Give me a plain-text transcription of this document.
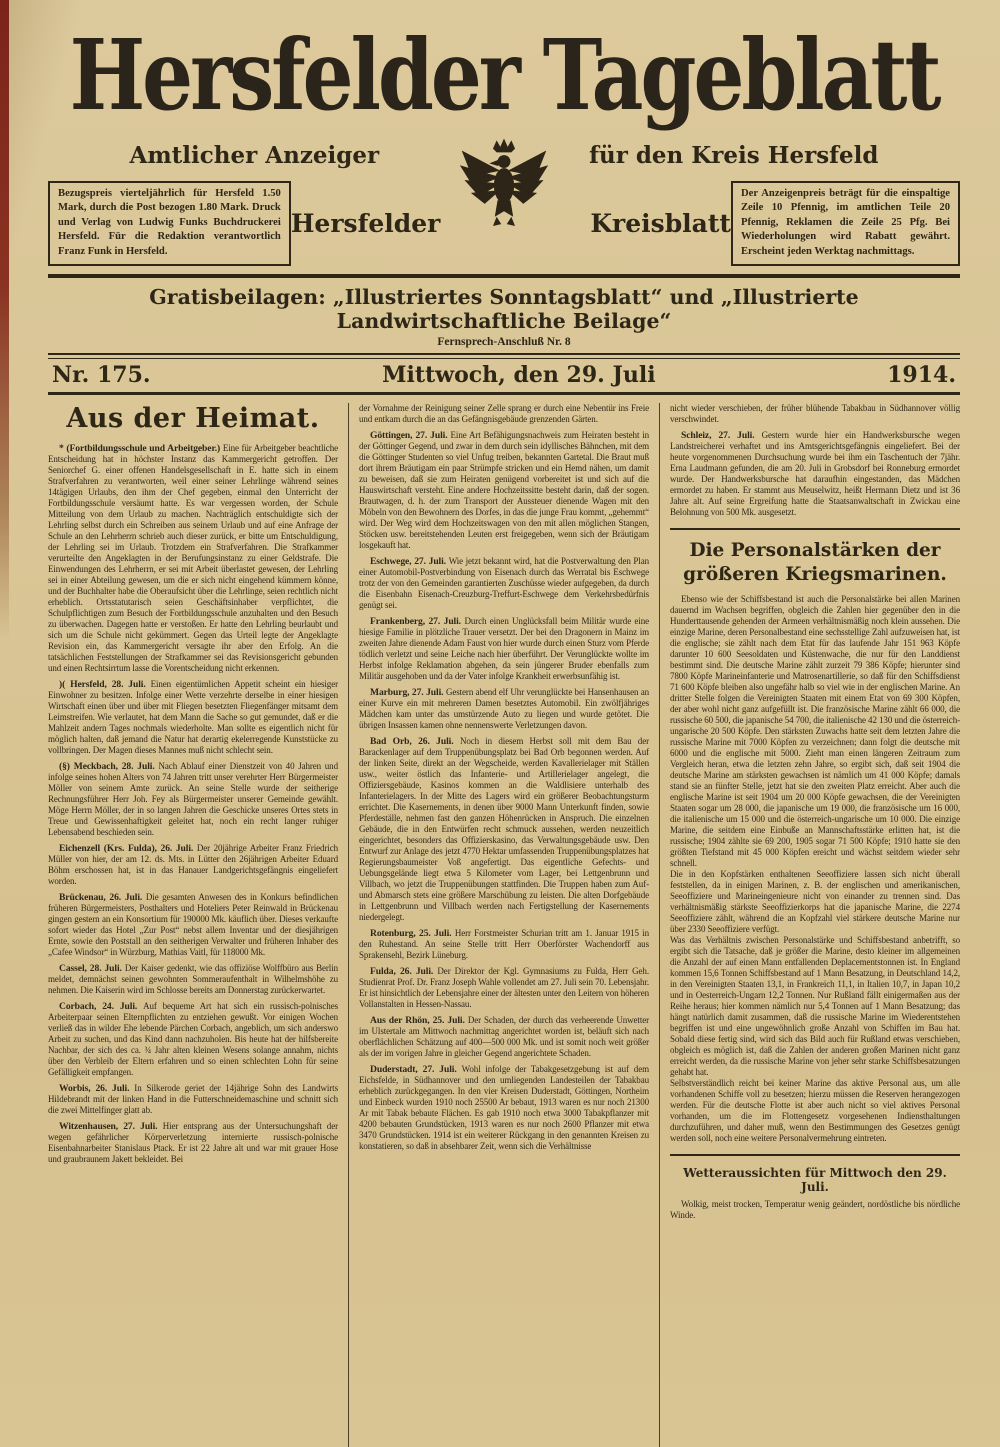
Hersfelder Tageblatt
Amtlicher Anzeiger	für den Kreis Hersfeld
Bezugspreis vierteljährlich für Hersfeld 1.50 Mark, durch die Post bezogen 1.80 Mark. Druck und Verlag von Ludwig Funks Buchdruckerei Hersfeld. Für die Redaktion verantwortlich Franz Funk in Hersfeld.
Hersfelder	Kreisblatt
Der Anzeigenpreis beträgt für die einspaltige Zeile 10 Pfennig, im amtlichen Teile 20 Pfennig, Reklamen die Zeile 25 Pfg. Bei Wiederholungen wird Rabatt gewährt. Erscheint jeden Werktag nachmittags.
Gratisbeilagen: „Illustriertes Sonntagsblatt“ und „Illustrierte Landwirtschaftliche Beilage“
Fernsprech-Anschluß Nr. 8
Nr. 175.	Mittwoch, den 29. Juli	1914.
Aus der Heimat.

* (Fortbildungsschule und Arbeitgeber.) Eine für Arbeitgeber beachtliche Entscheidung hat in höchster Instanz das Kammergericht getroffen. Der Seniorchef G. einer offenen Handelsgesellschaft in E. hatte sich in einem Strafverfahren zu verantworten, weil einer seiner Lehrlinge während seines 14tägigen Urlaubs, den ihm der Chef gegeben, einmal den Unterricht der Fortbildungsschule versäumt hatte. Es war vergessen worden, der Schule Mitteilung von dem Urlaub zu machen. Nachträglich entschuldigte sich der Lehrling selbst durch ein Schreiben aus seinem Urlaub und auf eine Anfrage der Schule an den Lehrherrn schrieb auch dieser zurück, er bitte um Entschuldigung, der Lehrling sei im Urlaub. Trotzdem ein Strafverfahren. Die Strafkammer verurteilte den Angeklagten in der Berufungsinstanz zu einer Geldstrafe. Die Einwendungen des Lehrherrn, er sei mit Arbeit überlastet gewesen, der Lehrling sei in einer Abteilung gewesen, um die er sich nicht eingehend kümmern könne, und der Buchhalter habe die Oberaufsicht über die Lehrlinge, seien rechtlich nicht erheblich. Ortsstatutarisch seien Geschäftsinhaber verpflichtet, die Schulpflichtigen zum Besuch der Fortbildungsschule anzuhalten und den Besuch zu überwachen. Dagegen hatte er verstoßen. Er hatte den Lehrling beurlaubt und sich um die Schule nicht gekümmert. Gegen das Urteil legte der Angeklagte Revision ein, das Kammergericht versagte ihr aber den Erfolg. An die tatsächlichen Feststellungen der Strafkammer sei das Revisionsgericht gebunden und einen Rechtsirrtum lasse die Vorentscheidung nicht erkennen.

)( Hersfeld, 28. Juli. Einen eigentümlichen Appetit scheint ein hiesiger Einwohner zu besitzen. Infolge einer Wette verzehrte derselbe in einer hiesigen Wirtschaft einen über und über mit Fliegen besetzten Fliegenfänger mitsamt dem Leimstreifen. Wie verlautet, hat dem Mann die Sache so gut gemundet, daß er die Mahlzeit andern Tages nochmals wiederholte. Man sollte es eigentlich nicht für möglich halten, daß jemand die Natur hat derartig ekelerregende Kunststücke zu vollbringen. Der Magen dieses Mannes muß nicht schlecht sein.

(§) Meckbach, 28. Juli. Nach Ablauf einer Dienstzeit von 40 Jahren und infolge seines hohen Alters von 74 Jahren tritt unser verehrter Herr Bürgermeister Möller von seinem Amte zurück. An seine Stelle wurde der seitherige Rechnungsführer Herr Joh. Fey als Bürgermeister unserer Gemeinde gewählt. Möge Herrn Möller, der in so langen Jahren die Geschicke unseres Ortes stets in Treue und Gewissenhaftigkeit geleitet hat, noch ein recht langer ruhiger Lebensabend beschieden sein.

Eichenzell (Krs. Fulda), 26. Juli. Der 20jährige Arbeiter Franz Friedrich Müller von hier, der am 12. ds. Mts. in Lütter den 26jährigen Arbeiter Eduard Böhm erschossen hat, ist in das Hanauer Landgerichtsgefängnis eingeliefert worden.

Brückenau, 26. Juli. Die gesamten Anwesen des in Konkurs befindlichen früheren Bürgermeisters, Posthalters und Hoteliers Peter Reinwald in Brückenau gingen gestern an ein Konsortium für 190000 Mk. käuflich über. Dieses verkaufte sofort wieder das Hotel „Zur Post“ nebst allem Inventar und der diesjährigen Ernte, sowie den Poststall an den seitherigen Verwalter und früheren Inhaber des „Cafee Windsor“ in Würzburg, Mathias Vaitl, für 118000 Mk.

Cassel, 28. Juli. Der Kaiser gedenkt, wie das offiziöse Wolffbüro aus Berlin meldet, demnächst seinen gewohnten Sommeraufenthalt in Wilhelmshöhe zu nehmen. Die Kaiserin wird im Schlosse bereits am Donnerstag zurückerwartet.

Corbach, 24. Juli. Auf bequeme Art hat sich ein russisch-polnisches Arbeiterpaar seinen Elternpflichten zu entziehen gewußt. Vor einigen Wochen verließ das in wilder Ehe lebende Pärchen Corbach, angeblich, um sich anderswo Arbeit zu suchen, und das Kind dann nachzuholen. Bis heute hat der hilfsbereite Nachbar, der sich des ca. ¾ Jahr alten kleinen Wesens solange annahm, nichts über den Verbleib der Eltern erfahren und so einen schlechten Lohn für seine Gefälligkeit empfangen.

Worbis, 26. Juli. In Silkerode geriet der 14jährige Sohn des Landwirts Hildebrandt mit der linken Hand in die Futterschneidemaschine und schnitt sich die zwei Mittelfinger glatt ab.

Witzenhausen, 27. Juli. Hier entsprang aus der Untersuchungshaft der wegen gefährlicher Körperverletzung internierte russisch-polnische Eisenbahnarbeiter Stanislaus Ptack. Er ist 22 Jahre alt und war mit grauer Hose und graubraunem Jakett bekleidet. Bei

der Vornahme der Reinigung seiner Zelle sprang er durch eine Nebentür ins Freie und entkam durch die an das Gefängnisgebäude grenzenden Gärten.

Göttingen, 27. Juli. Eine Art Befähigungsnachweis zum Heiraten besteht in der Göttinger Gegend, und zwar in dem durch sein idyllisches Bähnchen, mit dem die Göttinger Studenten so viel Unfug treiben, bekannten Gartetal. Die Braut muß dort ihrem Bräutigam ein paar Strümpfe stricken und ein Hemd nähen, um damit zu beweisen, daß sie zum Heiraten genügend vorbereitet ist und sich auf die Hauswirtschaft versteht. Eine andere Hochzeitssitte besteht darin, daß der sogen. Brautwagen, d. h. der zum Transport der Aussteuer dienende Wagen mit den Möbeln von den Bewohnern des Dorfes, in das die junge Frau kommt, „gehemmt“ wird. Der Weg wird dem Hochzeitswagen von den mit allen möglichen Stangen, Stöcken usw. bereitstehenden Leuten erst freigegeben, wenn sich der Bräutigam losgekauft hat.

Eschwege, 27. Juli. Wie jetzt bekannt wird, hat die Postverwaltung den Plan einer Automobil-Postverbindung von Eisenach durch das Werratal bis Eschwege trotz der von den Gemeinden garantierten Zuschüsse wieder aufgegeben, da durch die Eisenbahn Eisenach-Creuzburg-Treffurt-Eschwege dem Verkehrsbedürfnis genügt sei.

Frankenberg, 27. Juli. Durch einen Unglücksfall beim Militär wurde eine hiesige Familie in plötzliche Trauer versetzt. Der bei den Dragonern in Mainz im zweiten Jahre dienende Adam Faust von hier wurde durch einen Sturz vom Pferde tödlich verletzt und seine Leiche nach hier überführt. Der Verunglückte wollte im Herbst infolge Reklamation abgehen, da sein jüngerer Bruder ebenfalls zum Militär ausgehoben und da der Vater infolge Krankheit erwerbsunfähig ist.

Marburg, 27. Juli. Gestern abend elf Uhr verunglückte bei Hansenhausen an einer Kurve ein mit mehreren Damen besetztes Automobil. Ein zwölfjähriges Mädchen kam unter das umstürzende Auto zu liegen und wurde getötet. Die übrigen Insassen kamen ohne nennenswerte Verletzungen davon.

Bad Orb, 26. Juli. Noch in diesem Herbst soll mit dem Bau der Barackenlager auf dem Truppenübungsplatz bei Bad Orb begonnen werden. Auf der linken Seite, direkt an der Wegscheide, werden Kavallerielager mit Ställen usw., weiter östlich das Infanterie- und Artillerielager angelegt, die Offiziersgebäude, Kasinos kommen an die Waldlisiere unterhalb des Infanterielagers. In der Mitte des Lagers wird ein größerer Beobachtungsturm errichtet. Die Kasernements, in denen über 9000 Mann Unterkunft finden, sowie Pferdeställe, nehmen fast den ganzen Höhenrücken in Anspruch. Die einzelnen Gebäude, die in den Entwürfen recht schmuck aussehen, werden neuzeitlich eingerichtet, besonders das Offizierskasino, das Verwaltungsgebäude usw. Den Entwurf zur Anlage des jetzt 4770 Hektar umfassenden Truppenübungsplatzes hat Regierungsbaumeister Voß angefertigt. Das eigentliche Gefechts- und Uebungsgelände liegt etwa 5 Kilometer vom Lager, bei Lettgenbrunn und Villbach, wo jetzt die Truppenübungen stattfinden. Die Truppen haben zum Auf- und Abmarsch stets eine größere Marschübung zu leisten. Die alten Dorfgebäude in Lettgenbrunn und Villbach werden nach Fertigstellung der Kasernements niedergelegt.

Rotenburg, 25. Juli. Herr Forstmeister Schurian tritt am 1. Januar 1915 in den Ruhestand. An seine Stelle tritt Herr Oberförster Wachendorff aus Sprakensehl, Bezirk Lüneburg.

Fulda, 26. Juli. Der Direktor der Kgl. Gymnasiums zu Fulda, Herr Geh. Studienrat Prof. Dr. Franz Joseph Wahle vollendet am 27. Juli sein 70. Lebensjahr. Er ist hinsichtlich der Lebensjahre einer der ältesten unter den Leitern von höheren Vollanstalten in Hessen-Nassau.

Aus der Rhön, 25. Juli. Der Schaden, der durch das verheerende Unwetter im Ulstertale am Mittwoch nachmittag angerichtet worden ist, beläuft sich nach oberflächlichen Schätzung auf 400—500 000 Mk. und ist somit noch weit größer als der im vorigen Jahre in gleicher Gegend angerichtete Schaden.

Duderstadt, 27. Juli. Wohl infolge der Tabakgesetzgebung ist auf dem Eichsfelde, in Südhannover und den umliegenden Landesteilen der Tabakbau erheblich zurückgegangen. In den vier Kreisen Duderstadt, Göttingen, Northeim und Einbeck wurden 1910 noch 25500 Ar bebaut, 1913 waren es nur noch 21300 Ar mit Tabak bebaute Flächen. Es gab 1910 noch etwa 3000 Tabakpflanzer mit 4200 bebauten Grundstücken, 1913 waren es nur noch 2600 Pflanzer mit etwa 3470 Grundstücken. 1914 ist ein weiterer Rückgang in den genannten Kreisen zu konstatieren, so daß in absehbarer Zeit, wenn sich die Verhältnisse

nicht wieder verschieben, der früher blühende Tabakbau in Südhannover völlig verschwindet.

Schleiz, 27. Juli. Gestern wurde hier ein Handwerksbursche wegen Landstreicherei verhaftet und ins Amtsgerichtsgefängnis eingeliefert. Bei der heute vorgenommenen Durchsuchung wurde bei ihm ein Taschentuch der 7jähr. Erna Laudmann gefunden, die am 20. Juli in Grobsdorf bei Ronneburg ermordet wurde. Der Handwerksbursche hat daraufhin eingestanden, das Mädchen ermordet zu haben. Er stammt aus Meuselwitz, heißt Hermann Dietz und ist 36 Jahre alt. Auf seine Ergreifung hatte die Staatsanwaltschaft in Zwickau eine Belohnung von 500 Mk. ausgesetzt.

Die Personalstärken der größeren Kriegsmarinen.

Ebenso wie der Schiffsbestand ist auch die Personalstärke bei allen Marinen dauernd im Wachsen begriffen, obgleich die Zahlen hier gegenüber den in die Hunderttausende gehenden der Armeen verhältnismäßig noch klein aussehen. Die einzige Marine, deren Personalbestand eine sechsstellige Zahl aufzuweisen hat, ist die englische; sie zählt nach dem Etat für das laufende Jahr 151 963 Köpfe darunter 10 600 Seesoldaten und Küstenwache, die nur für den Landdienst bestimmt sind. Die deutsche Marine zählt zurzeit 79 386 Köpfe; hierunter sind 7800 Köpfe Marineinfanterie und Matrosenartillerie, so daß für den Schiffsdienst 71 600 Köpfe bleiben also ungefähr halb so viel wie in der englischen Marine. An dritter Stelle folgen die Vereinigten Staaten mit einem Etat von 69 300 Köpfen, der aber wohl nicht ganz aufgefüllt ist. Die französische Marine zählt 66 000, die russische 60 500, die japanische 54 700, die italienische 42 130 und die österreich-ungarische 20 500 Köpfe. Den stärksten Zuwachs hatte seit dem letzten Jahre die russische Marine mit 7000 Köpfen zu verzeichnen; dann folgt die deutsche mit 6000 und die englische mit 5000. Zieht man einen längeren Zeitraum zum Vergleich heran, etwa die letzten zehn Jahre, so ergibt sich, daß seit 1904 die deutsche Marine am stärksten gewachsen ist nämlich um 41 000 Köpfe; damals stand sie an fünfter Stelle, jetzt hat sie den zweiten Platz erreicht. Aber auch die englische Marine ist seit 1904 um 20 000 Köpfe gewachsen, die der Vereinigten Staaten sogar um 28 000, die japanische um 19 000, die französische um 16 000, die italienische um 15 000 und die österreich-ungarische um 10 000. Die einzige Marine, die seitdem eine Einbuße an Mannschaftsstärke erlitten hat, ist die russische; 1904 zählte sie 69 200, 1905 sogar 71 500 Köpfe; 1910 hatte sie den größten Tiefstand mit 45 000 Köpfen ereicht und wächst seitdem wieder sehr schnell.

Die in den Kopfstärken enthaltenen Seeoffiziere lassen sich nicht überall feststellen, da in einigen Marinen, z. B. der englischen und amerikanischen, Seeoffiziere und Marineingenieure nicht von einander zu trennen sind. Das verhältnismäßig stärkste Seeoffizierkorps hat die japanische Marine, die 2274 Seeoffiziere zählt, während die an Kopfzahl viel stärkere deutsche Marine nur über 2330 Seeoffiziere verfügt.

Was das Verhältnis zwischen Personalstärke und Schiffsbestand anbetrifft, so ergibt sich die Tatsache, daß je größer die Marine, desto kleiner im allgemeinen die Anzahl der auf einen Mann entfallenden Deplacementstonnen ist. In England kommen 15,6 Tonnen Schiffsbestand auf 1 Mann Besatzung, in Deutschland 14,2, in den Vereinigten Staaten 13,1, in Frankreich 11,1, in Italien 10,7, in Japan 10,2 und in Oesterreich-Ungarn 12,2 Tonnen. Nur Rußland fällt einigermaßen aus der Reihe heraus; hier kommen nämlich nur 5,4 Tonnen auf 1 Mann Besatzung; das hängt natürlich damit zusammen, daß die russische Marine im Wiederentstehen begriffen ist und eine ungewöhnlich große Anzahl von Schiffen im Bau hat. Sobald diese fertig sind, wird sich das Bild auch für Rußland etwas verschieben, obgleich es möglich ist, daß die Zahlen der anderen großen Marinen nicht ganz erreicht werden, da die russische Marine von jeher sehr starke Schiffsbesatzungen gehabt hat.

Selbstverständlich reicht bei keiner Marine das aktive Personal aus, um alle vorhandenen Schiffe voll zu besetzen; hierzu müssen die Reserven herangezogen werden. Für die deutsche Flotte ist aber auch nicht so viel aktives Personal vorhanden, um die im Flottengesetz vorgesehenen Indiensthaltungen durchzuführen, und daher muß, wenn den Bestimmungen des Gesetzes genügt werden soll, noch eine weitere Personalvermehrung eintreten.

Wetteraussichten für Mittwoch den 29. Juli.

Wolkig, meist trocken, Temperatur wenig geändert, nordöstliche bis nördliche Winde.
